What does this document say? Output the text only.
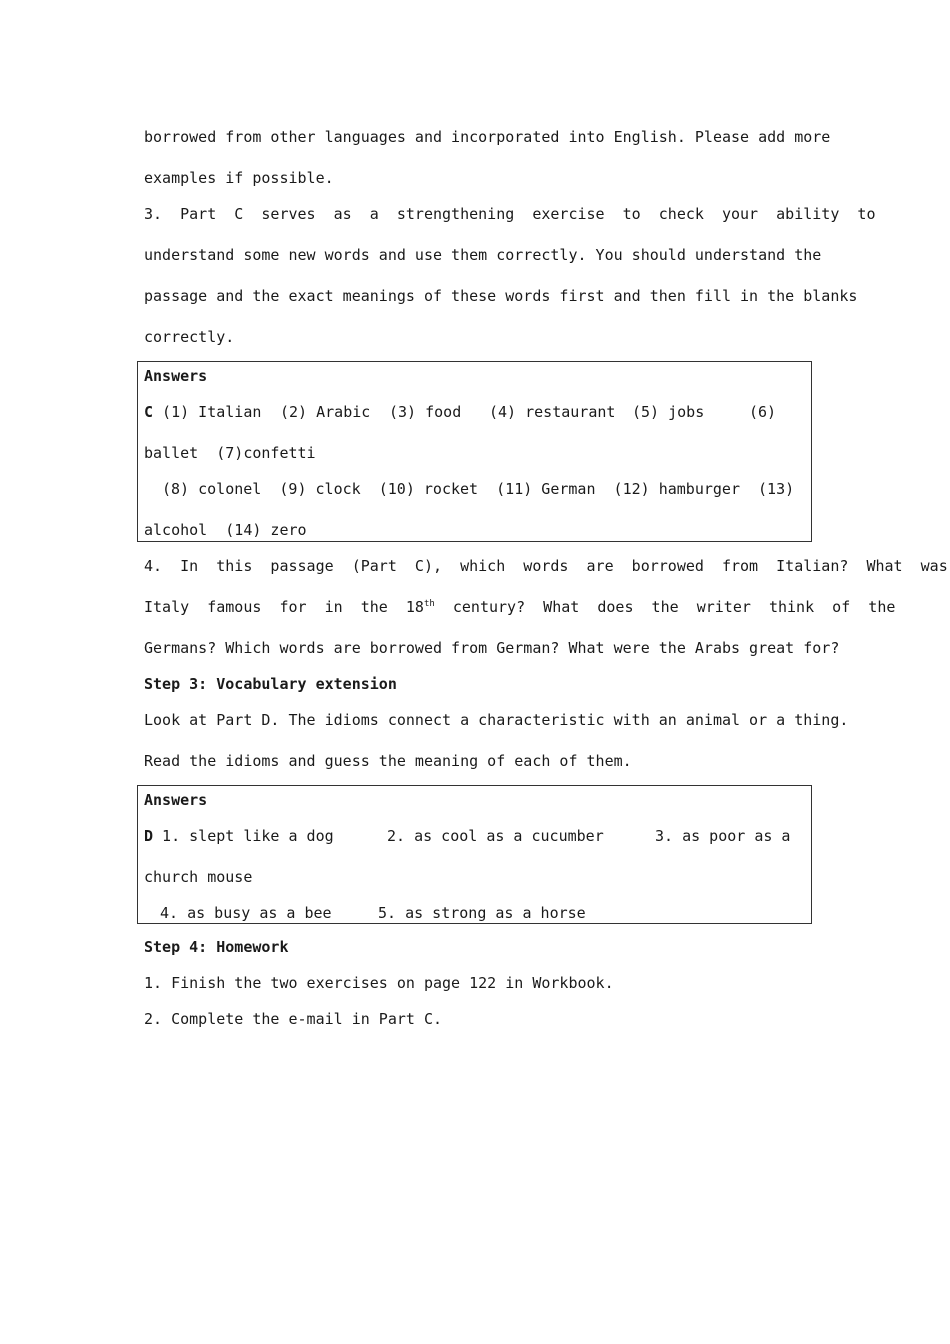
borrowed from other languages and incorporated into English. Please add more
examples if possible.
3.  Part  C  serves  as  a  strengthening  exercise  to  check  your  ability  to
understand some new words and use them correctly. You should understand the
passage and the exact meanings of these words first and then fill in the blanks
correctly.
Answers
C (1) Italian (2) Arabic (3) food (4) restaurant (5) jobs	(6)
ballet  (7)confetti
(8) colonel  (9) clock  (10) rocket  (11) German  (12) hamburger  (13)
alcohol  (14) zero
4.  In  this  passage  (Part  C),  which  words  are  borrowed  from  Italian?  What  was
Italy  famous  for  in  the  18th  century?  What  does  the  writer  think  of  the
Germans? Which words are borrowed from German? What were the Arabs great for?
Step 3: Vocabulary extension
Look at Part D. The idioms connect a characteristic with an animal or a thing.
Read the idioms and guess the meaning of each of them.
Answers
D 1. slept like a dog	2. as cool as a cucumber	3. as poor as a
church mouse
4. as busy as a bee	5. as strong as a horse
Step 4: Homework
1. Finish the two exercises on page 122 in Workbook.
2. Complete the e-mail in Part C.
